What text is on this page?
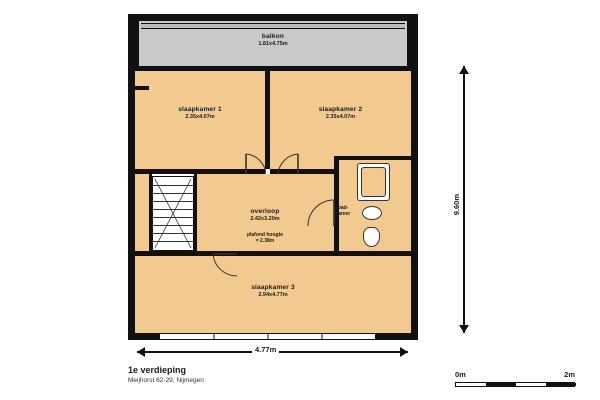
balkon
1.81x4.75m
slaapkamer 1
2.35x4.07m
slaapkamer 2
2.35x4.07m
bad-
kamer
overloop
2.42x3.20m
plafond hoogte
= 2.38m
slaapkamer 3
2.94x4.77m
9.60m
4.77m
1e verdieping
Meijhorst 62-29, Nijmegen
0m	2m
